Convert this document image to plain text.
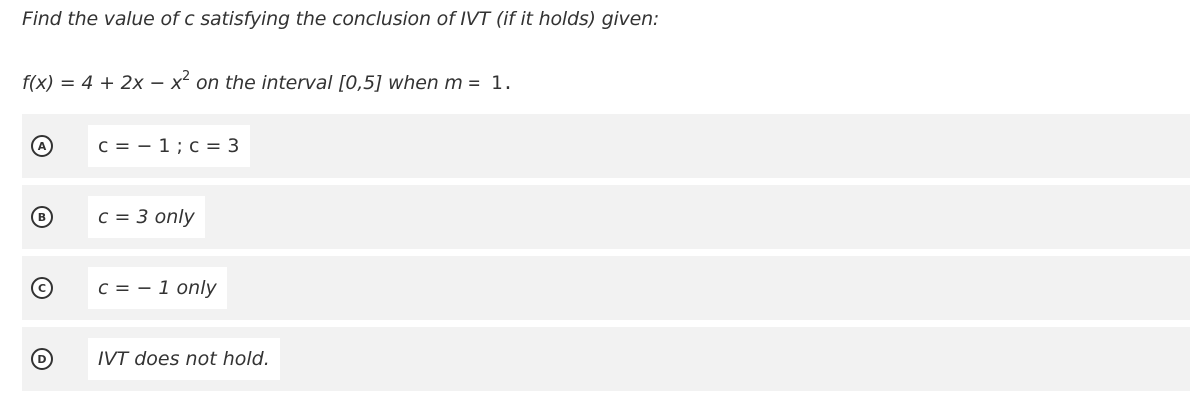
Find the value of c satisfying the conclusion of IVT (if it holds) given:
$f(x) = 4 + 2x - x^2$ on the interval [0,5] when m = 1.
A	c = − 1 ; c = 3
B	c = 3 only
C	c = − 1 only
D	IVT does not hold.
